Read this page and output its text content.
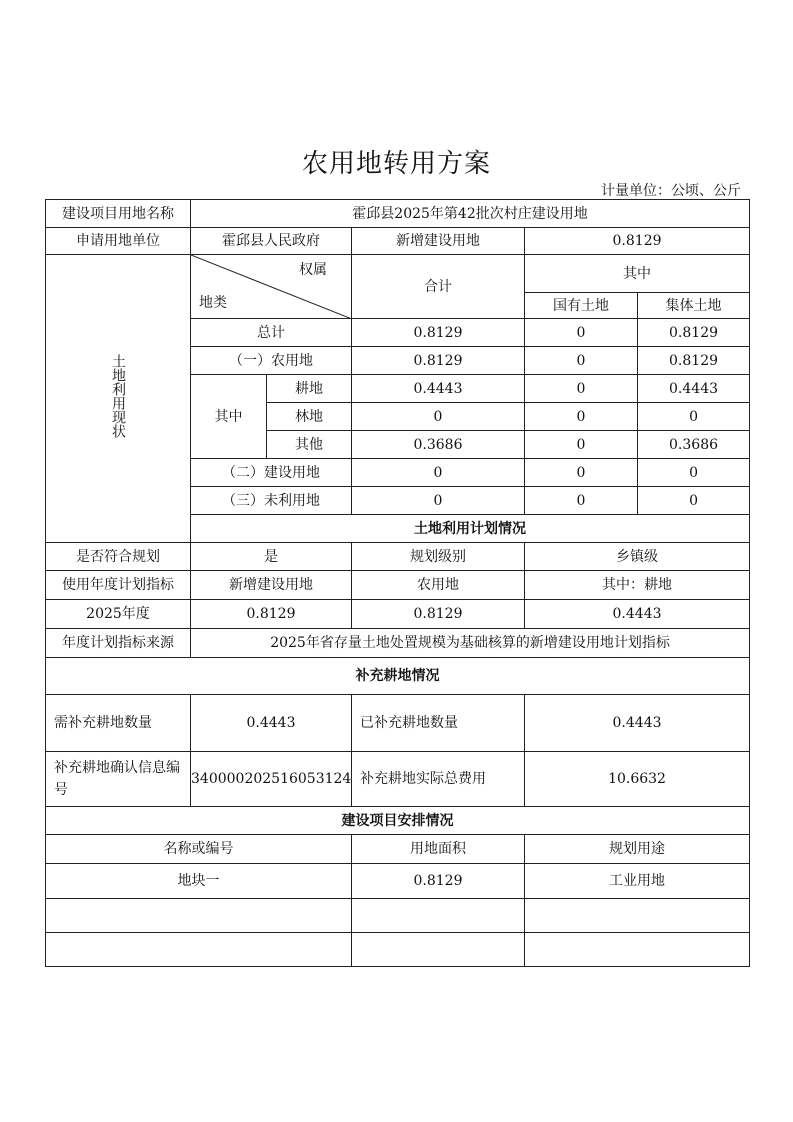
农用地转用方案
计量单位：公顷、公斤
建设项目用地名称	霍邱县2025年第42批次村庄建设用地				
申请用地单位	霍邱县人民政府		新增建设用地	0.8129	
土地利用现状	权属
地类		合计	其中	
				国有土地	集体土地
	总计		0.8129	0	0.8129
	（一）农用地		0.8129	0	0.8129
	其中	耕地	0.4443	0	0.4443
		林地	0	0	0
		其他	0.3686	0	0.3686
	（二）建设用地		0	0	0
	（三）未利用地		0	0	0
	土地利用计划情况				
是否符合规划	是		规划级别	乡镇级	
使用年度计划指标	新增建设用地		农用地	其中：耕地	
2025年度	0.8129		0.8129	0.4443	
年度计划指标来源	2025年省存量土地处置规模为基础核算的新增建设用地计划指标				
补充耕地情况					
需补充耕地数量	0.4443		已补充耕地数量	0.4443	
补充耕地确认信息编号	340000202516053124		补充耕地实际总费用	10.6632	
建设项目安排情况					
名称或编号			用地面积	规划用途	
地块一			0.8129	工业用地	
